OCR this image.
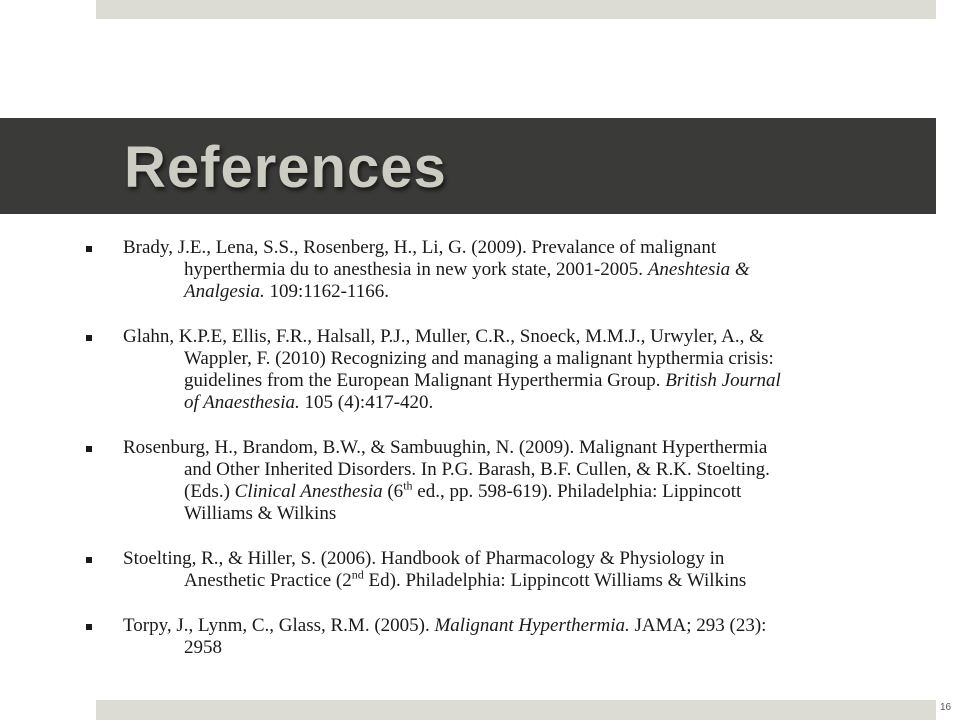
References
Brady, J.E., Lena, S.S., Rosenberg, H., Li, G. (2009). Prevalance of malignant
hyperthermia du to anesthesia in new york state, 2001-2005. Aneshtesia &
Analgesia. 109:1162-1166.
Glahn, K.P.E, Ellis, F.R., Halsall, P.J., Muller, C.R., Snoeck, M.M.J., Urwyler, A., &
Wappler, F. (2010) Recognizing and managing a malignant hypthermia crisis:
guidelines from the European Malignant Hyperthermia Group. British Journal
of Anaesthesia. 105 (4):417-420.
Rosenburg, H., Brandom, B.W., & Sambuughin, N. (2009). Malignant Hyperthermia
and Other Inherited Disorders. In P.G. Barash, B.F. Cullen, & R.K. Stoelting.
(Eds.) Clinical Anesthesia (6th ed., pp. 598-619). Philadelphia: Lippincott
Williams & Wilkins
Stoelting, R., & Hiller, S. (2006). Handbook of Pharmacology & Physiology in
Anesthetic Practice (2nd Ed). Philadelphia: Lippincott Williams & Wilkins
Torpy, J., Lynm, C., Glass, R.M. (2005). Malignant Hyperthermia. JAMA; 293 (23):
2958
16
